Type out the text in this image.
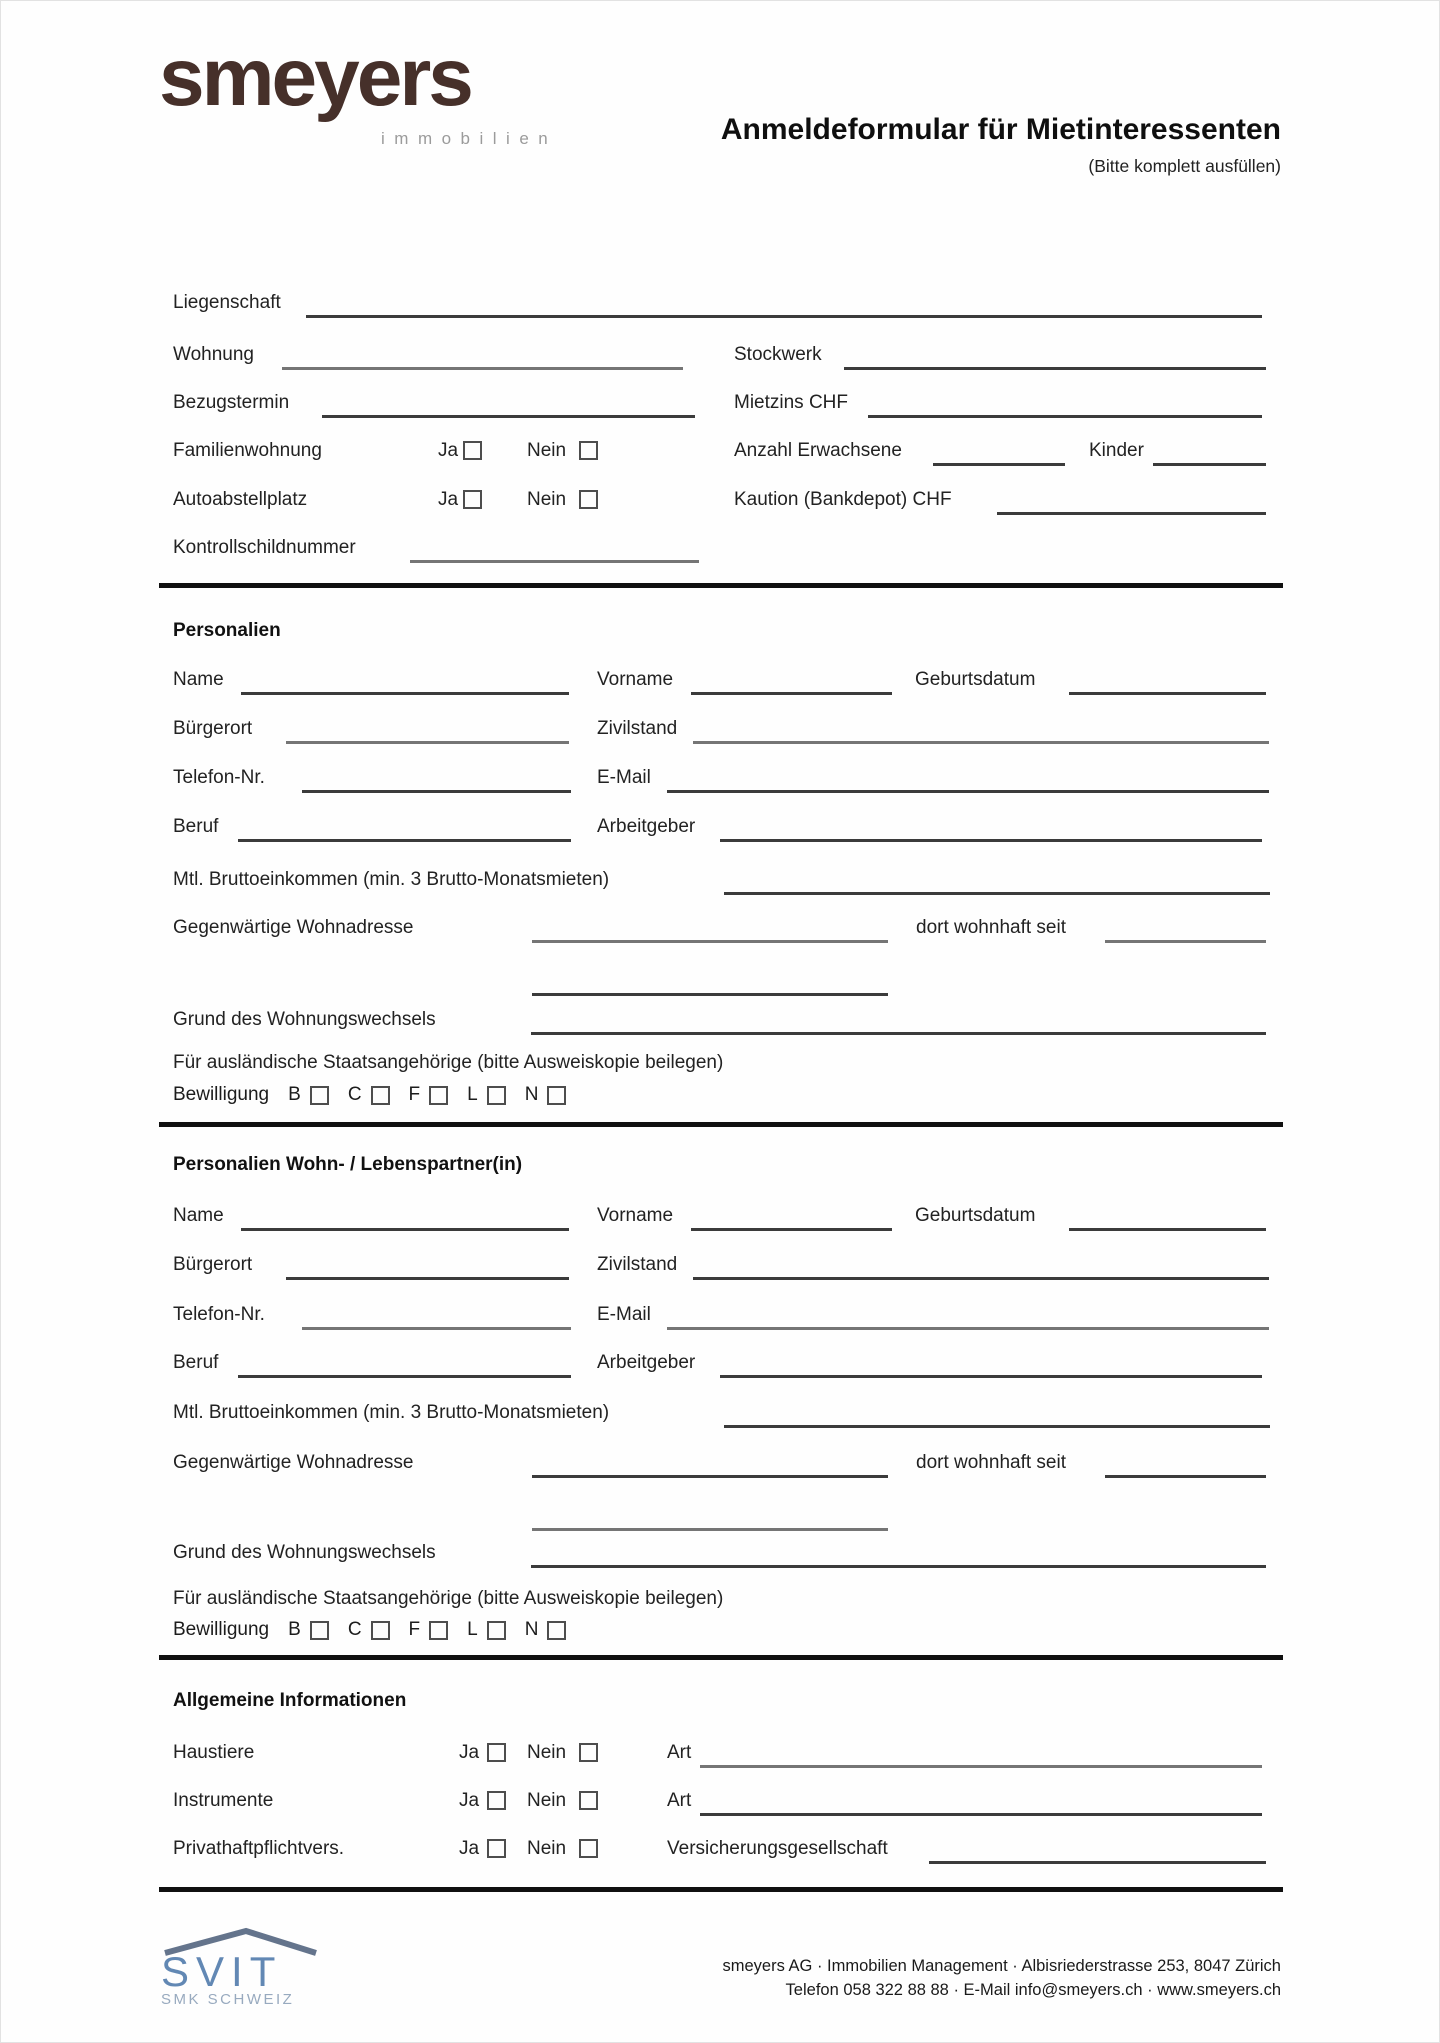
smeyers
immobilien	Anmeldeformular für Mietinteressenten
(Bitte komplett ausfüllen)
Liegenschaft
Wohnung	Stockwerk
Bezugstermin	Mietzins CHF
Familienwohnung	Ja	Nein	Anzahl Erwachsene	Kinder
Autoabstellplatz	Ja	Nein	Kaution (Bankdepot) CHF
Kontrollschildnummer
Personalien
Name	Vorname	Geburtsdatum
Bürgerort	Zivilstand
Telefon-Nr.	E-Mail
Beruf	Arbeitgeber
Mtl. Bruttoeinkommen (min. 3 Brutto-Monatsmieten)
Gegenwärtige Wohnadresse	dort wohnhaft seit
Grund des Wohnungswechsels
Für ausländische Staatsangehörige (bitte Ausweiskopie beilegen)
Bewilligung B C F L N
Personalien Wohn- / Lebenspartner(in)
Name	Vorname	Geburtsdatum
Bürgerort	Zivilstand
Telefon-Nr.	E-Mail
Beruf	Arbeitgeber
Mtl. Bruttoeinkommen (min. 3 Brutto-Monatsmieten)
Gegenwärtige Wohnadresse	dort wohnhaft seit
Grund des Wohnungswechsels
Für ausländische Staatsangehörige (bitte Ausweiskopie beilegen)
Bewilligung B C F L N
Allgemeine Informationen
Haustiere	Ja	Nein	Art
Instrumente	Ja	Nein	Art
Privathaftpflichtvers.	Ja	Nein	Versicherungsgesellschaft
SVIT
SMK SCHWEIZ
smeyers AG · Immobilien Management · Albisriederstrasse 253, 8047 Zürich
Telefon 058 322 88 88 · E-Mail info@smeyers.ch · www.smeyers.ch
